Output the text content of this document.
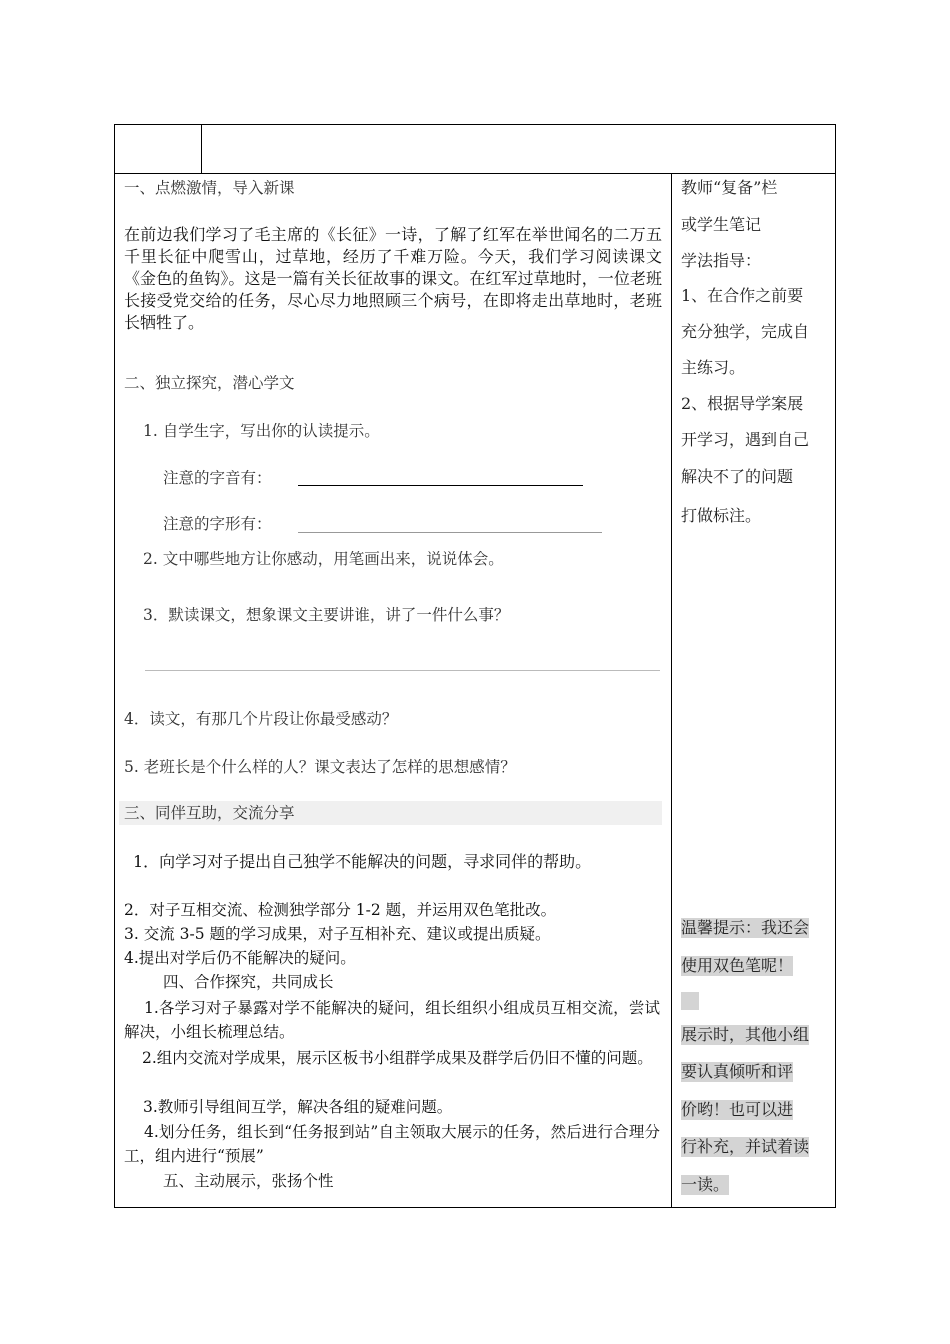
一、点燃激情，导入新课
在前边我们学习了毛主席的《长征》一诗，了解了红军在举世闻名的二万五千里长征中爬雪山，过草地，经历了千难万险。今天，我们学习阅读课文《金色的鱼钩》。这是一篇有关长征故事的课文。在红军过草地时，一位老班长接受党交给的任务，尽心尽力地照顾三个病号，在即将走出草地时，老班长牺牲了。
二、独立探究，潜心学文
1. 自学生字，写出你的认读提示。
注意的字音有：
注意的字形有：
2. 文中哪些地方让你感动，用笔画出来，说说体会。
3．默读课文，想象课文主要讲谁，讲了一件什么事？
4．读文，有那几个片段让你最受感动？
5. 老班长是个什么样的人？课文表达了怎样的思想感情？
三、同伴互助，交流分享
1．向学习对子提出自己独学不能解决的问题，寻求同伴的帮助。
2．对子互相交流、检测独学部分 1-2 题，并运用双色笔批改。
3. 交流 3-5 题的学习成果，对子互相补充、建议或提出质疑。
4.提出对学后仍不能解决的疑问。
四、合作探究，共同成长
1.各学习对子暴露对学不能解决的疑问，组长组织小组成员互相交流，尝试解决，小组长梳理总结。
2.组内交流对学成果，展示区板书小组群学成果及群学后仍旧不懂的问题。
3.教师引导组间互学，解决各组的疑难问题。
4.划分任务，组长到“任务报到站”自主领取大展示的任务，然后进行合理分工，组内进行“预展”
五、主动展示，张扬个性
教师“复备”栏
或学生笔记
学法指导：
1、在合作之前要
充分独学，完成自
主练习。
2、根据导学案展
开学习，遇到自己
解决不了的问题
打做标注。
温馨提示：我还会
使用双色笔呢！
展示时，其他小组
要认真倾听和评
价哟！也可以进
行补充，并试着读
一读。
